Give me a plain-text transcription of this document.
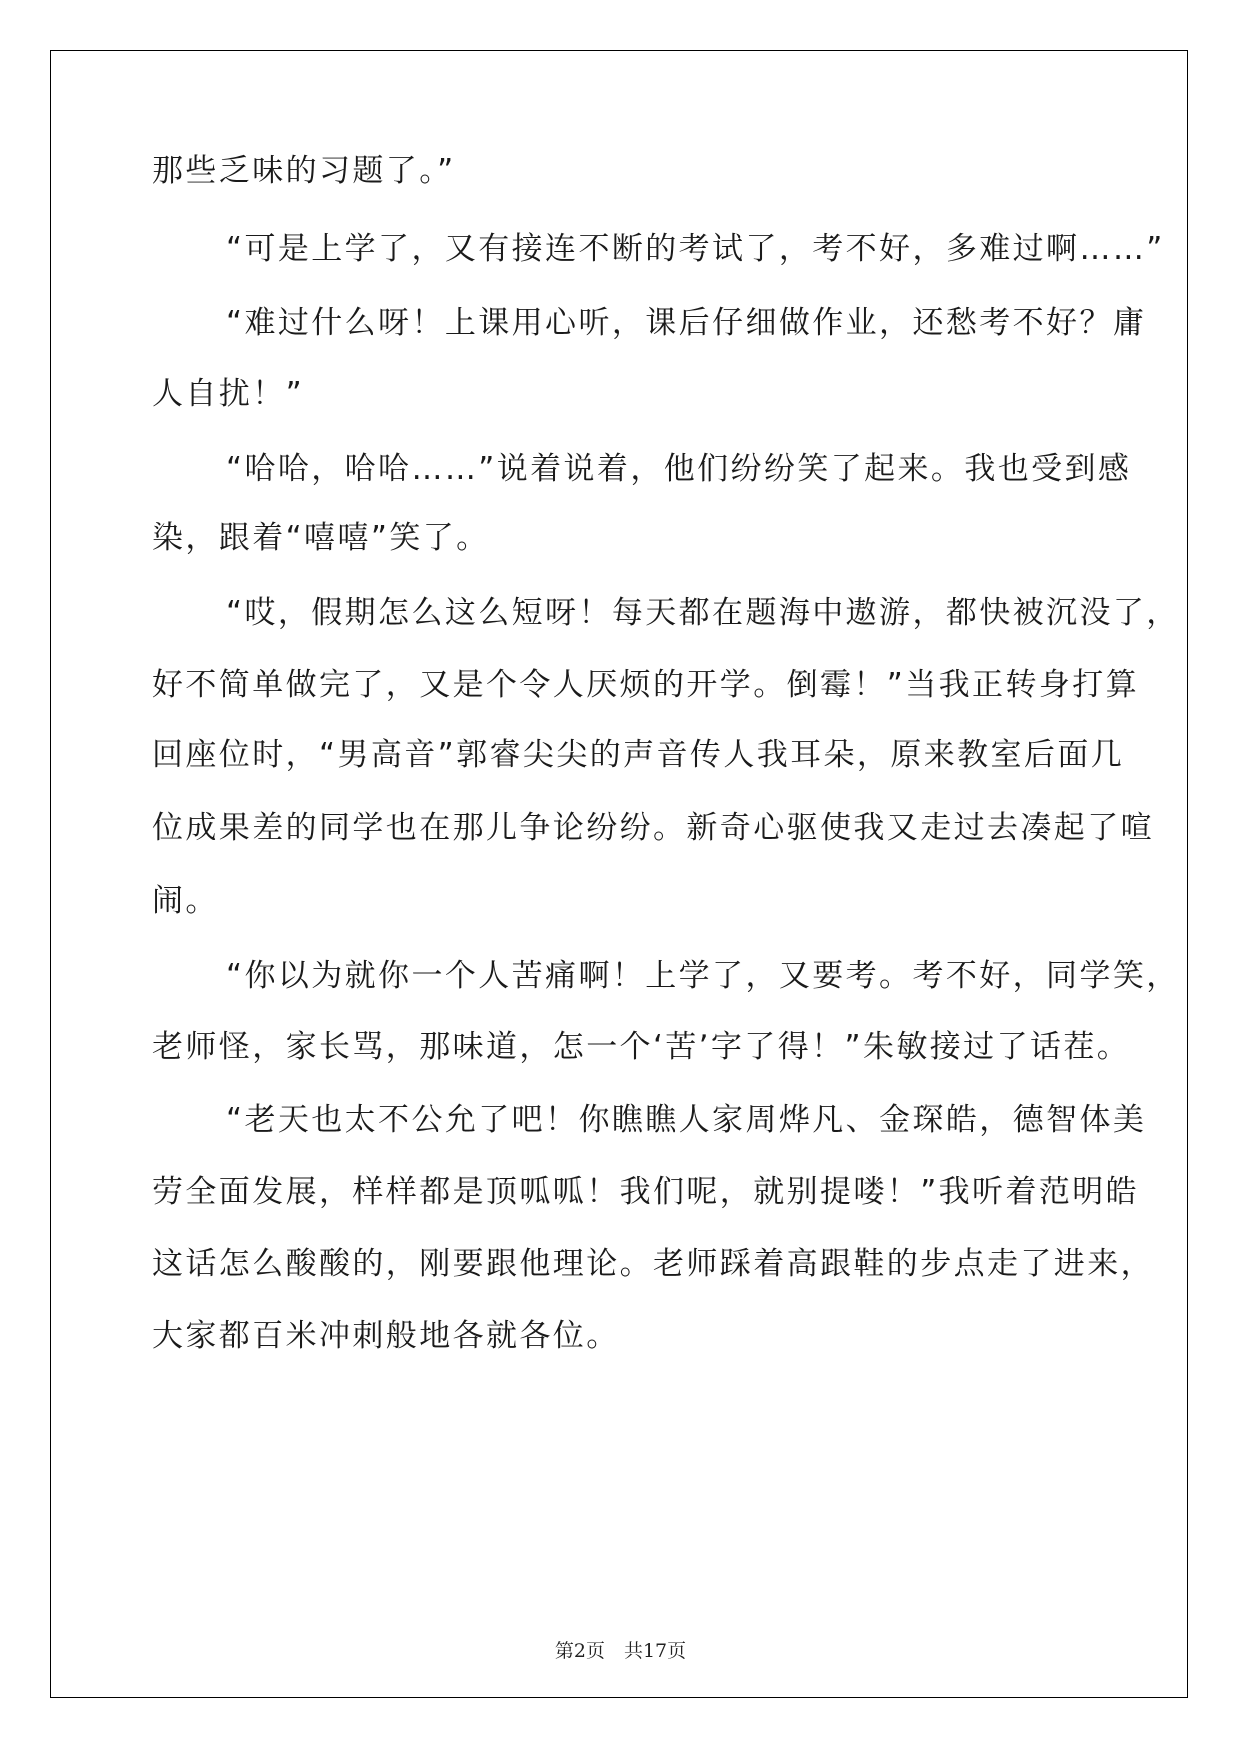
那些乏味的习题了。”
“可是上学了，又有接连不断的考试了，考不好，多难过啊……”
“难过什么呀！上课用心听，课后仔细做作业，还愁考不好？庸
人自扰！”
“哈哈，哈哈……”说着说着，他们纷纷笑了起来。我也受到感
染，跟着“嘻嘻”笑了。
“哎，假期怎么这么短呀！每天都在题海中遨游，都快被沉没了，
好不简单做完了，又是个令人厌烦的开学。倒霉！”当我正转身打算
回座位时，“男高音”郭睿尖尖的声音传人我耳朵，原来教室后面几
位成果差的同学也在那儿争论纷纷。新奇心驱使我又走过去凑起了喧
闹。
“你以为就你一个人苦痛啊！上学了，又要考。考不好，同学笑，
老师怪，家长骂，那味道，怎一个‘苦’字了得！”朱敏接过了话茬。
“老天也太不公允了吧！你瞧瞧人家周烨凡、金琛皓，德智体美
劳全面发展，样样都是顶呱呱！我们呢，就别提喽！”我听着范明皓
这话怎么酸酸的，刚要跟他理论。老师踩着高跟鞋的步点走了进来，
大家都百米冲刺般地各就各位。
第2页　共17页
